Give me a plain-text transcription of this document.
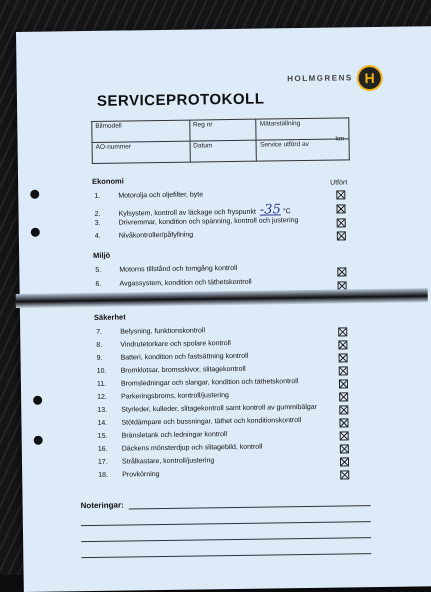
HOLMGRENS H
SERVICEPROTOKOLL
Bilmodell	Reg nr	Mätarställning
AO-nummer	Datum	Service utförd av
km
Ekonomi	Utfört
1.	Motorolja och oljefilter, byte
2.	Kylsystem, kontroll av läckage och fryspunkt -35 °C
3.	Drivremmar, kondition och spänning, kontroll och justering
4.	Nivåkontroller/påfyllning
Miljö
5.	Motorns tillstånd och tomgång kontroll
6.	Avgassystem, kondition och täthetskontroll
Säkerhet
7.	Belysning, funktionskontroll
8.	Vindrutetorkare och spolare kontroll
9.	Batteri, kondition och fastsättning kontroll
10. Bromklotsar, bromsskivor, slitagekontroll
11. Bromsledningar och slangar, kondition och täthetskontroll
12. Parkeringsbroms, kontroll/justering
13. Styrleder, kulleder, slitagekontroll samt kontroll av gummibälgar
14. Stötdämpare och bussningar, täthet och konditionskontroll
15. Bränsletank och ledningar kontroll
16. Däckens mönsterdjup och slitagebild, kontroll
17. Strålkastare, kontroll/justering
18. Provkörning
Noteringar:
